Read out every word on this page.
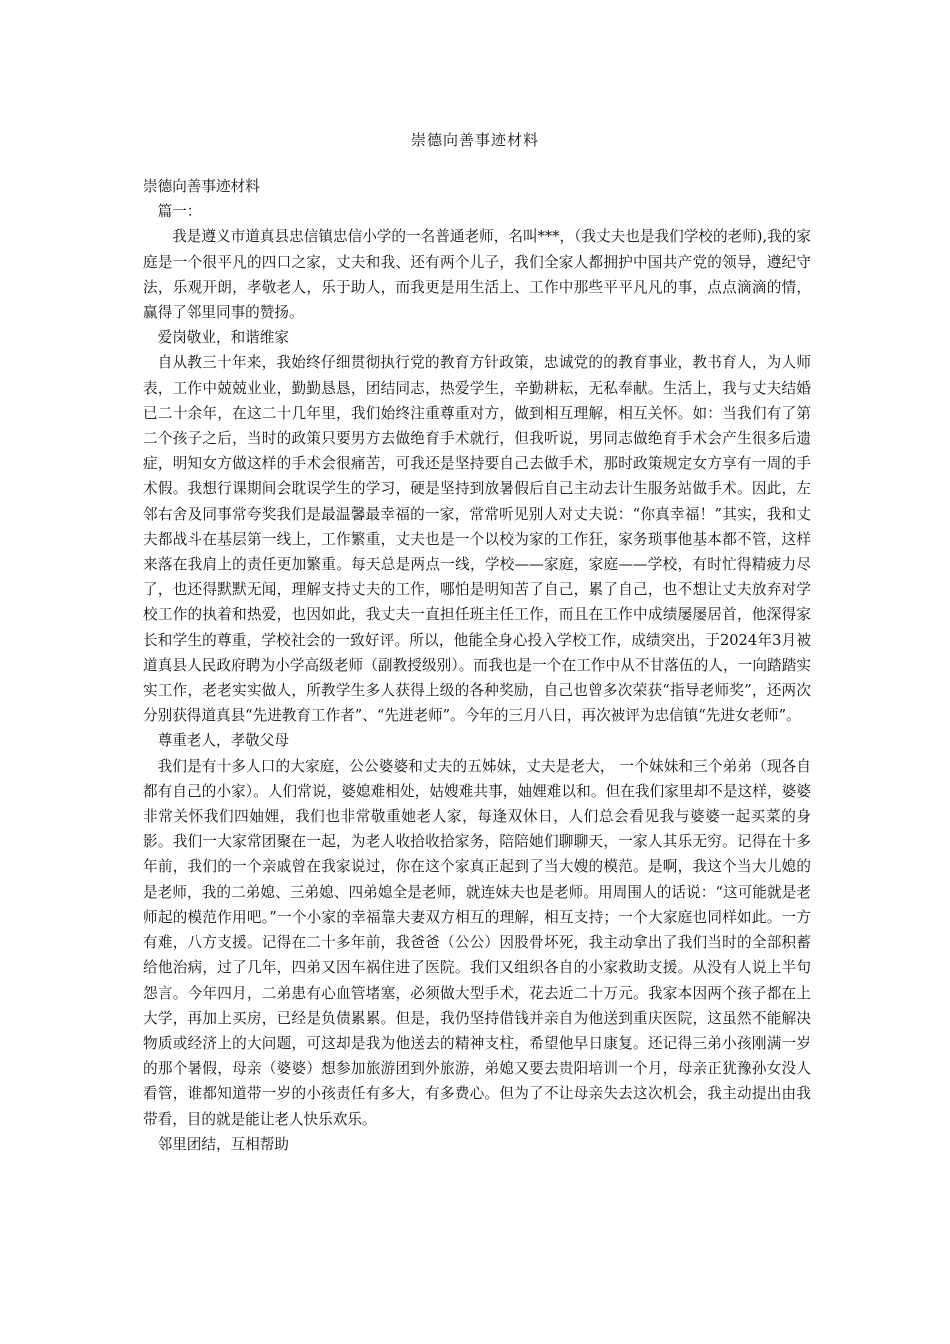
崇德向善事迹材料

崇德向善事迹材料

篇一：

我是遵义市道真县忠信镇忠信小学的一名普通老师，名叫***，（我丈夫也是我们学校的老师),我的家庭是一个很平凡的四口之家，丈夫和我、还有两个儿子，我们全家人都拥护中国共产党的领导，遵纪守法，乐观开朗，孝敬老人，乐于助人，而我更是用生活上、工作中那些平平凡凡的事，点点滴滴的情，赢得了邻里同事的赞扬。

爱岗敬业，和谐维家

自从教三十年来，我始终仔细贯彻执行党的教育方针政策，忠诚党的的教育事业，教书育人，为人师表，工作中兢兢业业，勤勤恳恳，团结同志，热爱学生，辛勤耕耘，无私奉献。生活上，我与丈夫结婚已二十余年，在这二十几年里，我们始终注重尊重对方，做到相互理解，相互关怀。如：当我们有了第二个孩子之后，当时的政策只要男方去做绝育手术就行，但我听说，男同志做绝育手术会产生很多后遗症，明知女方做这样的手术会很痛苦，可我还是坚持要自己去做手术，那时政策规定女方享有一周的手术假。我想行课期间会耽误学生的学习，硬是坚持到放暑假后自己主动去计生服务站做手术。因此，左邻右舍及同事常夸奖我们是最温馨最幸福的一家，常常听见别人对丈夫说：“你真幸福！”其实，我和丈夫都战斗在基层第一线上，工作繁重，丈夫也是一个以校为家的工作狂，家务琐事他基本都不管，这样来落在我肩上的责任更加繁重。每天总是两点一线，学校——家庭，家庭——学校，有时忙得精疲力尽了，也还得默默无闻，理解支持丈夫的工作，哪怕是明知苦了自己，累了自己，也不想让丈夫放弃对学校工作的执着和热爱，也因如此，我丈夫一直担任班主任工作，而且在工作中成绩屡屡居首，他深得家长和学生的尊重，学校社会的一致好评。所以，他能全身心投入学校工作，成绩突出，于2024年3月被道真县人民政府聘为小学高级老师（副教授级别）。而我也是一个在工作中从不甘落伍的人，一向踏踏实实工作，老老实实做人，所教学生多人获得上级的各种奖励，自己也曾多次荣获“指导老师奖”，还两次分别获得道真县“先进教育工作者”、“先进老师”。今年的三月八日，再次被评为忠信镇“先进女老师”。

尊重老人，孝敬父母

我们是有十多人口的大家庭，公公婆婆和丈夫的五姊妹，丈夫是老大， 一个妹妹和三个弟弟（现各自都有自己的小家）。人们常说，婆媳难相处，姑嫂难共事，妯娌难以和。但在我们家里却不是这样，婆婆非常关怀我们四妯娌，我们也非常敬重她老人家，每逢双休日，人们总会看见我与婆婆一起买菜的身影。我们一大家常团聚在一起，为老人收拾收拾家务，陪陪她们聊聊天，一家人其乐无穷。记得在十多年前，我们的一个亲戚曾在我家说过，你在这个家真正起到了当大嫂的模范。是啊，我这个当大儿媳的是老师，我的二弟媳、三弟媳、四弟媳全是老师，就连妹夫也是老师。用周围人的话说：“这可能就是老师起的模范作用吧。”一个小家的幸福靠夫妻双方相互的理解，相互支持；一个大家庭也同样如此。一方有难，八方支援。记得在二十多年前，我爸爸（公公）因股骨坏死，我主动拿出了我们当时的全部积蓄给他治病，过了几年，四弟又因车祸住进了医院。我们又组织各自的小家救助支援。从没有人说上半句怨言。今年四月，二弟患有心血管堵塞，必须做大型手术，花去近二十万元。我家本因两个孩子都在上大学，再加上买房，已经是负债累累。但是，我仍坚持借钱并亲自为他送到重庆医院，这虽然不能解决物质或经济上的大问题，可这却是我为他送去的精神支柱，希望他早日康复。还记得三弟小孩刚满一岁的那个暑假，母亲（婆婆）想参加旅游团到外旅游，弟媳又要去贵阳培训一个月，母亲正犹豫孙女没人看管，谁都知道带一岁的小孩责任有多大，有多费心。但为了不让母亲失去这次机会，我主动提出由我带看，目的就是能让老人快乐欢乐。

邻里团结，互相帮助
